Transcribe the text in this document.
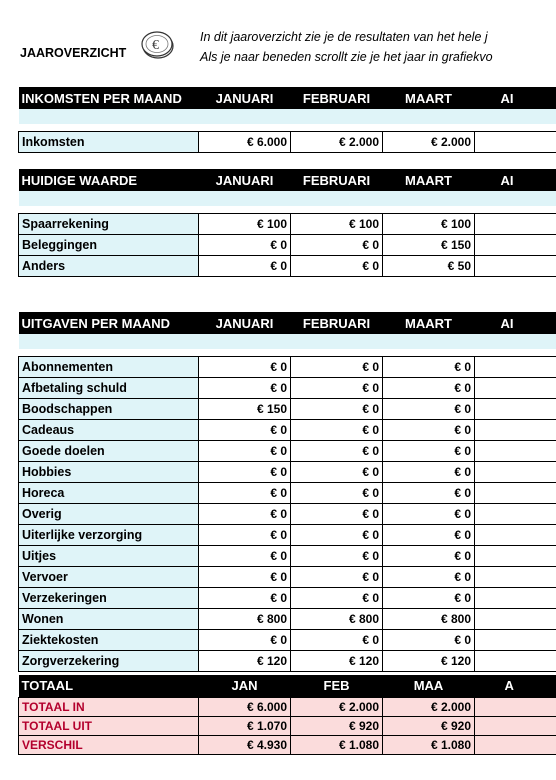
JAAROVERZICHT €
In dit jaaroverzicht zie je de resultaten van het hele j
Als je naar beneden scrollt zie je het jaar in grafiekvo
INKOMSTEN PER MAAND	JANUARI	FEBRUARI	MAART	AI

Inkomsten	€ 6.000	€ 2.000	€ 2.000	
HUIDIGE WAARDE	JANUARI	FEBRUARI	MAART	AI

Spaarrekening	€ 100	€ 100	€ 100	
Beleggingen	€ 0	€ 0	€ 150	
Anders	€ 0	€ 0	€ 50	
UITGAVEN PER MAAND	JANUARI	FEBRUARI	MAART	AI

Abonnementen	€ 0	€ 0	€ 0	
Afbetaling schuld	€ 0	€ 0	€ 0	
Boodschappen	€ 150	€ 0	€ 0	
Cadeaus	€ 0	€ 0	€ 0	
Goede doelen	€ 0	€ 0	€ 0	
Hobbies	€ 0	€ 0	€ 0	
Horeca	€ 0	€ 0	€ 0	
Overig	€ 0	€ 0	€ 0	
Uiterlijke verzorging	€ 0	€ 0	€ 0	
Uitjes	€ 0	€ 0	€ 0	
Vervoer	€ 0	€ 0	€ 0	
Verzekeringen	€ 0	€ 0	€ 0	
Wonen	€ 800	€ 800	€ 800	
Ziektekosten	€ 0	€ 0	€ 0	
Zorgverzekering	€ 120	€ 120	€ 120	
TOTAAL	JAN	FEB	MAA	A
TOTAAL IN	€ 6.000	€ 2.000	€ 2.000	
TOTAAL UIT	€ 1.070	€ 920	€ 920	
VERSCHIL	€ 4.930	€ 1.080	€ 1.080	
